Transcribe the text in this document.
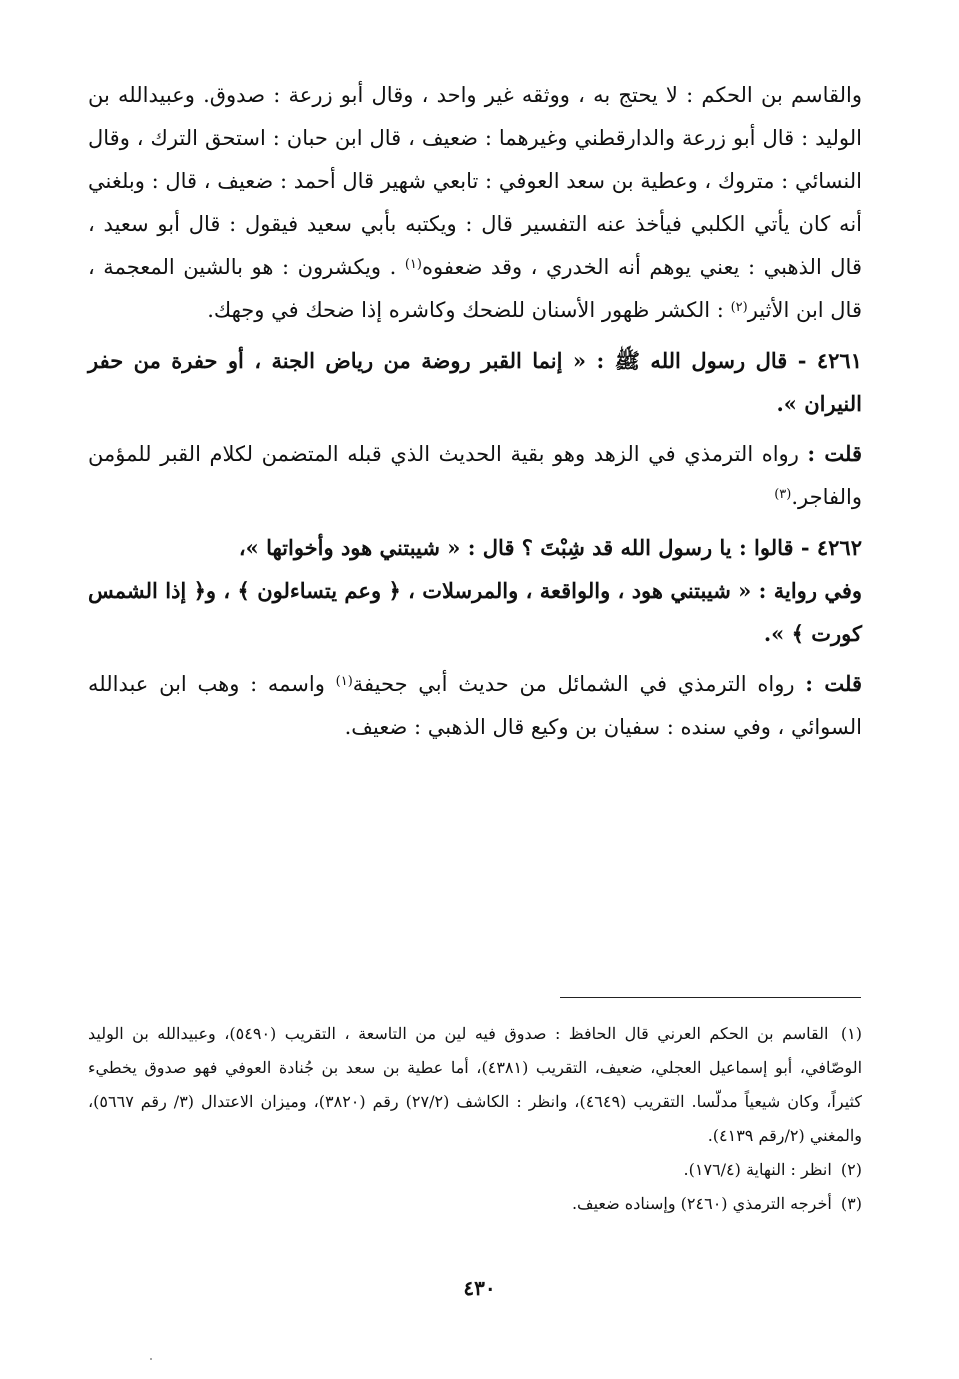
والقاسم بن الحكم : لا يحتج به ، ووثقه غير واحد ، وقال أبو زرعة : صدوق. وعبيدالله بن الوليد : قال أبو زرعة والدارقطني وغيرهما : ضعيف ، قال ابن حبان : استحق الترك ، وقال النسائي : متروك ، وعطية بن سعد العوفي : تابعي شهير قال أحمد : ضعيف ، قال : وبلغني أنه كان يأتي الكلبي فيأخذ عنه التفسير قال : ويكتبه بأبي سعيد فيقول : قال أبو سعيد ، قال الذهبي : يعني يوهم أنه الخدري ، وقد ضعفوه$^{(١)}$ . ويكشرون : هو بالشين المعجمة ، قال ابن الأثير$^{(٢)}$ : الكشر ظهور الأسنان للضحك وكاشره إذا ضحك في وجهك.

٤٢٦١ - قال رسول الله ﷺ : « إنما القبر روضة من رياض الجنة ، أو حفرة من حفر النيران ».

قلت : رواه الترمذي في الزهد وهو بقية الحديث الذي قبله المتضمن لكلام القبر للمؤمن والفاجر.$^{(٣)}$

٤٢٦٢ - قالوا : يا رسول الله قد شِبْتَ ؟ قال : « شيبتني هود وأخواتها »،

وفي رواية : « شيبتني هود ، والواقعة ، والمرسلات ، ﴿ وعم يتساءلون ﴾ ، و﴿ إذا الشمس كورت ﴾ ».

قلت : رواه الترمذي في الشمائل من حديث أبي جحيفة$^{(١)}$ واسمه : وهب ابن عبدالله السوائي ، وفي سنده : سفيان بن وكيع قال الذهبي : ضعيف.

(١) القاسم بن الحكم العرني قال الحافظ : صدوق فيه لين من التاسعة ، التقريب (٥٤٩٠)، وعبيدالله بن الوليد الوصّافي، أبو إسماعيل العجلي، ضعيف، التقريب (٤٣٨١)، أما عطية بن سعد بن جُنادة العوفي فهو صدوق يخطيء كثيراً، وكان شيعياً مدلّسا. التقريب (٤٦٤٩)، وانظر : الكاشف (٢٧/٢) رقم (٣٨٢٠)، وميزان الاعتدال (٣/ رقم ٥٦٦٧)، والمغني (٢/رقم ٤١٣٩).

(٢) انظر : النهاية (١٧٦/٤).

(٣) أخرجه الترمذي (٢٤٦٠) وإسناده ضعيف.

٤٣٠
